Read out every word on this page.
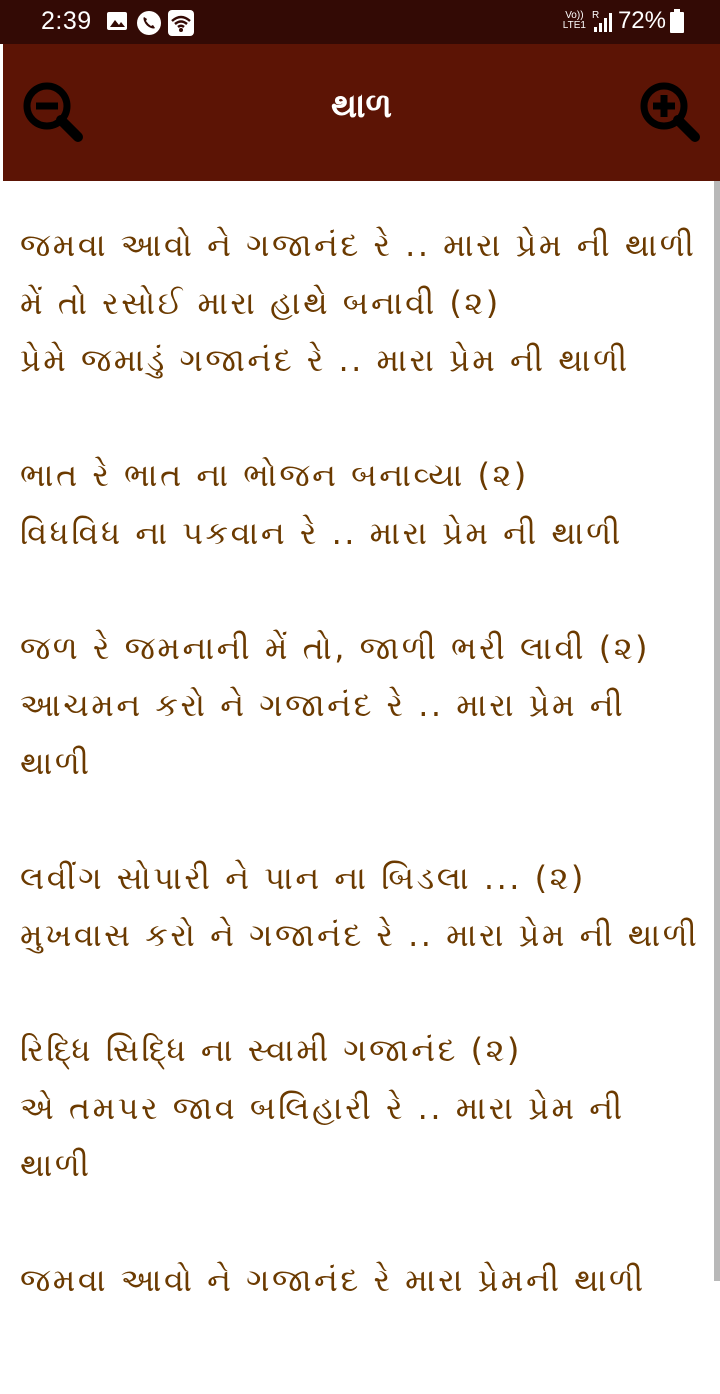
2:39	Vo))
LTE1
R 72%
થાળ
જમવા આવો ને ગજાનંદ રે .. મારા પ્રેમ ની થાળી
મેં તો રસોઈ મારા હાથે બનાવી (૨)
પ્રેમે જમાડું ગજાનંદ રે .. મારા પ્રેમ ની થાળી
ભાત રે ભાત ના ભોજન બનાવ્યા (૨)
વિધવિધ ના પકવાન રે .. મારા પ્રેમ ની થાળી
જળ રે જમનાની મેં તો, જાળી ભરી લાવી (૨)
આચમન કરો ને ગજાનંદ રે .. મારા પ્રેમ ની થાળી
લવીંગ સોપારી ને પાન ના બિડલા ... (૨)
મુખવાસ કરો ને ગજાનંદ રે .. મારા પ્રેમ ની થાળી
રિદ્ધિ સિદ્ધિ ના સ્વામી ગજાનંદ (૨)
એ તમપર જાવ બલિહારી રે .. મારા પ્રેમ ની થાળી
જમવા આવો ને ગજાનંદ રે મારા પ્રેમની થાળી
